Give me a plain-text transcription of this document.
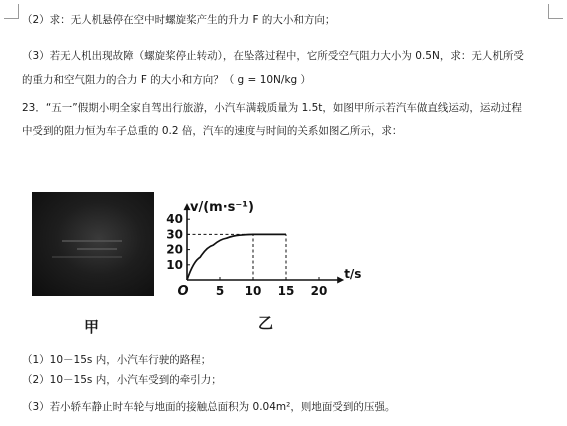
（2）求：无人机悬停在空中时螺旋桨产生的升力 F 的大小和方向；
（3）若无人机出现故障（螺旋桨停止转动），在坠落过程中，它所受空气阻力大小为 0.5N，求：无人机所受
的重力和空气阻力的合力 F 的大小和方向？（ g = 10N/kg ）
23．“五一”假期小明全家自驾出行旅游，小汽车满载质量为 1.5t，如图甲所示若汽车做直线运动，运动过程
中受到的阻力恒为车子总重的 0.2 倍，汽车的速度与时间的关系如图乙所示，求：
v/(m·s⁻¹)
t/s
O 5 10 15 20
10
20
30
40
甲	乙
（1）10－15s 内，小汽车行驶的路程；
（2）10－15s 内，小汽车受到的牵引力；
（3）若小轿车静止时车轮与地面的接触总面积为 0.04m²，则地面受到的压强。
